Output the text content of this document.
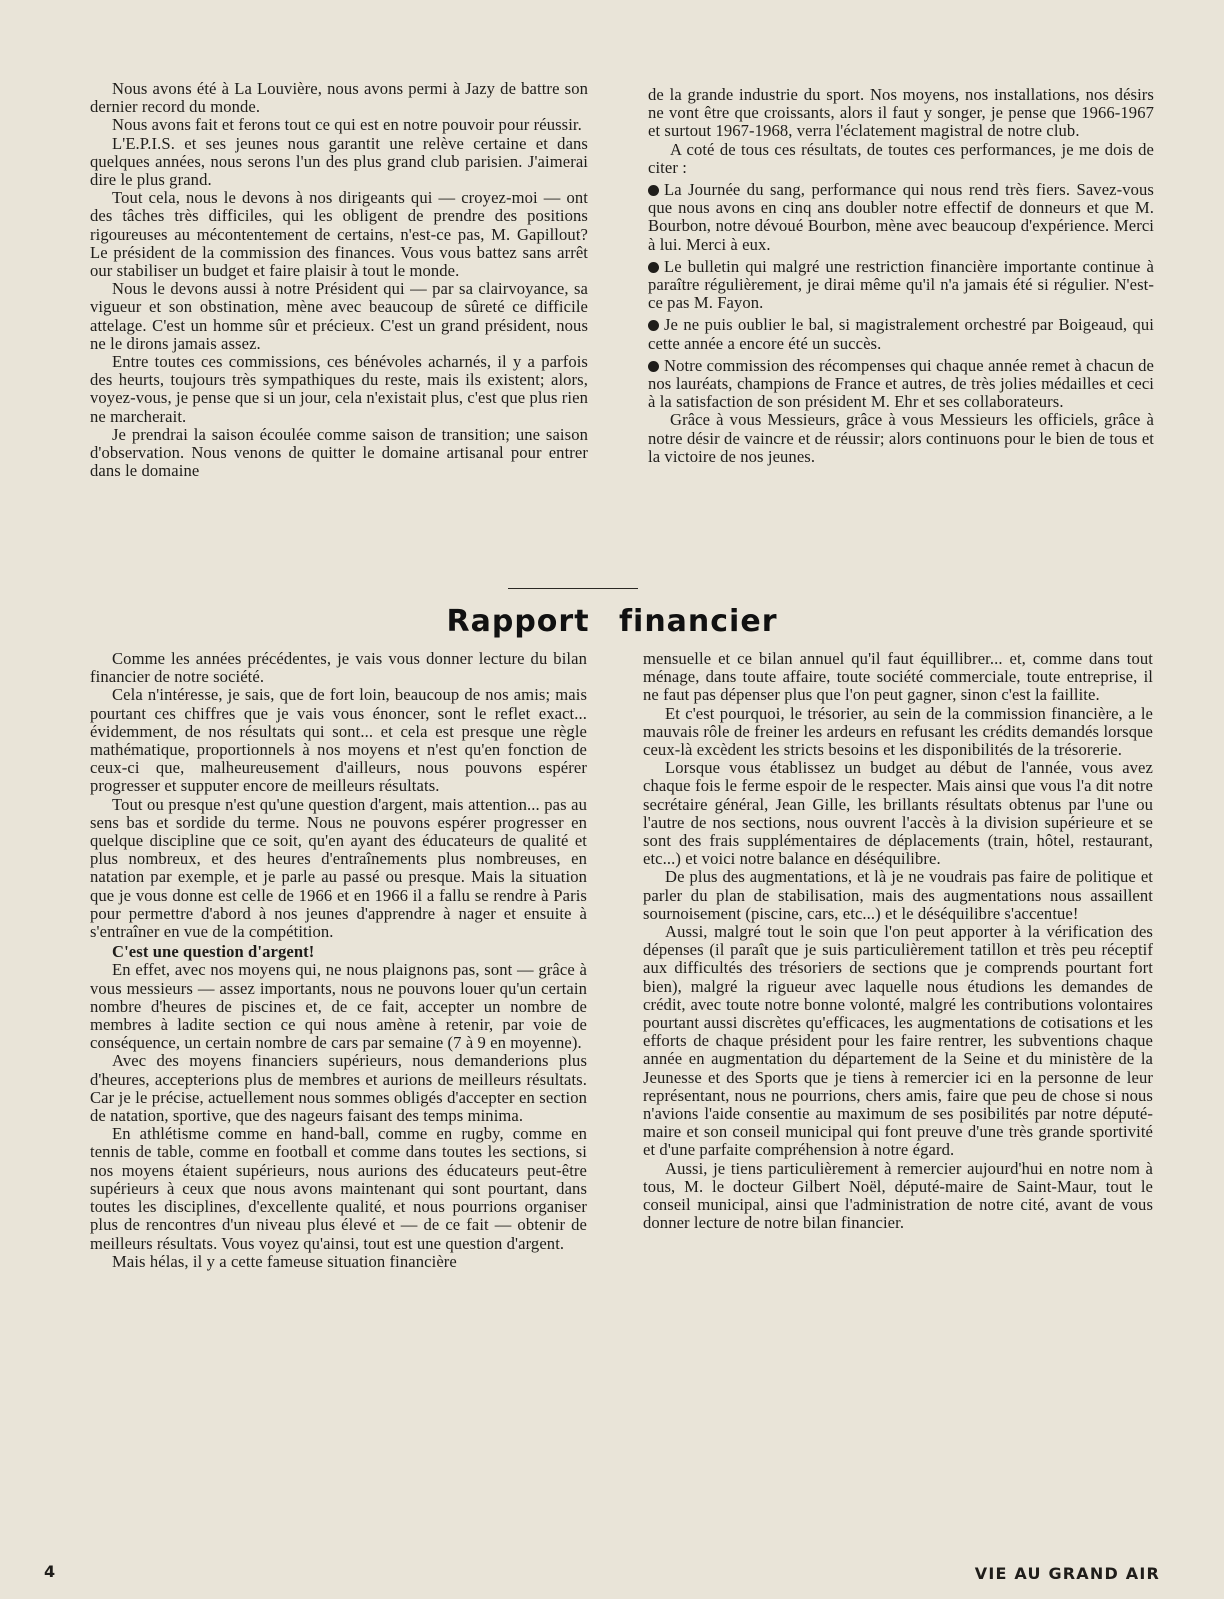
Nous avons été à La Louvière, nous avons permi à Jazy de battre son dernier record du monde.

Nous avons fait et ferons tout ce qui est en notre pouvoir pour réussir.

L'E.P.I.S. et ses jeunes nous garantit une relève certaine et dans quelques années, nous serons l'un des plus grand club parisien. J'aimerai dire le plus grand.

Tout cela, nous le devons à nos dirigeants qui — croyez-moi — ont des tâches très difficiles, qui les obligent de prendre des positions rigoureuses au mécontentement de certains, n'est-ce pas, M. Gapillout? Le président de la commission des finances. Vous vous battez sans arrêt our stabiliser un budget et faire plaisir à tout le monde.

Nous le devons aussi à notre Président qui — par sa clairvoyance, sa vigueur et son obstination, mène avec beaucoup de sûreté ce difficile attelage. C'est un homme sûr et précieux. C'est un grand président, nous ne le dirons jamais assez.

Entre toutes ces commissions, ces bénévoles acharnés, il y a parfois des heurts, toujours très sympathiques du reste, mais ils existent; alors, voyez-vous, je pense que si un jour, cela n'existait plus, c'est que plus rien ne marcherait.

Je prendrai la saison écoulée comme saison de transition; une saison d'observation. Nous venons de quitter le domaine artisanal pour entrer dans le domaine

de la grande industrie du sport. Nos moyens, nos installations, nos désirs ne vont être que croissants, alors il faut y songer, je pense que 1966-1967 et surtout 1967-1968, verra l'éclatement magistral de notre club.

A coté de tous ces résultats, de toutes ces performances, je me dois de citer :

La Journée du sang, performance qui nous rend très fiers. Savez-vous que nous avons en cinq ans doubler notre effectif de donneurs et que M. Bourbon, notre dévoué Bourbon, mène avec beaucoup d'expérience. Merci à lui. Merci à eux.

Le bulletin qui malgré une restriction financière importante continue à paraître régulièrement, je dirai même qu'il n'a jamais été si régulier. N'est-ce pas M. Fayon.

Je ne puis oublier le bal, si magistralement orchestré par Boigeaud, qui cette année a encore été un succès.

Notre commission des récompenses qui chaque année remet à chacun de nos lauréats, champions de France et autres, de très jolies médailles et ceci à la satisfaction de son président M. Ehr et ses collaborateurs.

Grâce à vous Messieurs, grâce à vous Messieurs les officiels, grâce à notre désir de vaincre et de réussir; alors continuons pour le bien de tous et la victoire de nos jeunes.

Rapport financier

Comme les années précédentes, je vais vous donner lecture du bilan financier de notre société.

Cela n'intéresse, je sais, que de fort loin, beaucoup de nos amis; mais pourtant ces chiffres que je vais vous énoncer, sont le reflet exact... évidemment, de nos résultats qui sont... et cela est presque une règle mathématique, proportionnels à nos moyens et n'est qu'en fonction de ceux-ci que, malheureusement d'ailleurs, nous pouvons espérer progresser et supputer encore de meilleurs résultats.

Tout ou presque n'est qu'une question d'argent, mais attention... pas au sens bas et sordide du terme. Nous ne pouvons espérer progresser en quelque discipline que ce soit, qu'en ayant des éducateurs de qualité et plus nombreux, et des heures d'entraînements plus nombreuses, en natation par exemple, et je parle au passé ou presque. Mais la situation que je vous donne est celle de 1966 et en 1966 il a fallu se rendre à Paris pour permettre d'abord à nos jeunes d'apprendre à nager et ensuite à s'entraîner en vue de la compétition.

C'est une question d'argent!

En effet, avec nos moyens qui, ne nous plaignons pas, sont — grâce à vous messieurs — assez importants, nous ne pouvons louer qu'un certain nombre d'heures de piscines et, de ce fait, accepter un nombre de membres à ladite section ce qui nous amène à retenir, par voie de conséquence, un certain nombre de cars par semaine (7 à 9 en moyenne).

Avec des moyens financiers supérieurs, nous demanderions plus d'heures, accepterions plus de membres et aurions de meilleurs résultats. Car je le précise, actuellement nous sommes obligés d'accepter en section de natation, sportive, que des nageurs faisant des temps minima.

En athlétisme comme en hand-ball, comme en rugby, comme en tennis de table, comme en football et comme dans toutes les sections, si nos moyens étaient supérieurs, nous aurions des éducateurs peut-être supérieurs à ceux que nous avons maintenant qui sont pourtant, dans toutes les disciplines, d'excellente qualité, et nous pourrions organiser plus de rencontres d'un niveau plus élevé et — de ce fait — obtenir de meilleurs résultats. Vous voyez qu'ainsi, tout est une question d'argent.

Mais hélas, il y a cette fameuse situation financière

mensuelle et ce bilan annuel qu'il faut équillibrer... et, comme dans tout ménage, dans toute affaire, toute société commerciale, toute entreprise, il ne faut pas dépenser plus que l'on peut gagner, sinon c'est la faillite.

Et c'est pourquoi, le trésorier, au sein de la commission financière, a le mauvais rôle de freiner les ardeurs en refusant les crédits demandés lorsque ceux-là excèdent les stricts besoins et les disponibilités de la trésorerie.

Lorsque vous établissez un budget au début de l'année, vous avez chaque fois le ferme espoir de le respecter. Mais ainsi que vous l'a dit notre secrétaire général, Jean Gille, les brillants résultats obtenus par l'une ou l'autre de nos sections, nous ouvrent l'accès à la division supérieure et se sont des frais supplémentaires de déplacements (train, hôtel, restaurant, etc...) et voici notre balance en déséquilibre.

De plus des augmentations, et là je ne voudrais pas faire de politique et parler du plan de stabilisation, mais des augmentations nous assaillent sournoisement (piscine, cars, etc...) et le déséquilibre s'accentue!

Aussi, malgré tout le soin que l'on peut apporter à la vérification des dépenses (il paraît que je suis particulièrement tatillon et très peu réceptif aux difficultés des trésoriers de sections que je comprends pourtant fort bien), malgré la rigueur avec laquelle nous étudions les demandes de crédit, avec toute notre bonne volonté, malgré les contributions volontaires pourtant aussi discrètes qu'efficaces, les augmentations de cotisations et les efforts de chaque président pour les faire rentrer, les subventions chaque année en augmentation du département de la Seine et du ministère de la Jeunesse et des Sports que je tiens à remercier ici en la personne de leur représentant, nous ne pourrions, chers amis, faire que peu de chose si nous n'avions l'aide consentie au maximum de ses posibilités par notre député-maire et son conseil municipal qui font preuve d'une très grande sportivité et d'une parfaite compréhension à notre égard.

Aussi, je tiens particulièrement à remercier aujourd'hui en notre nom à tous, M. le docteur Gilbert Noël, député-maire de Saint-Maur, tout le conseil municipal, ainsi que l'administration de notre cité, avant de vous donner lecture de notre bilan financier.

4	VIE AU GRAND AIR
